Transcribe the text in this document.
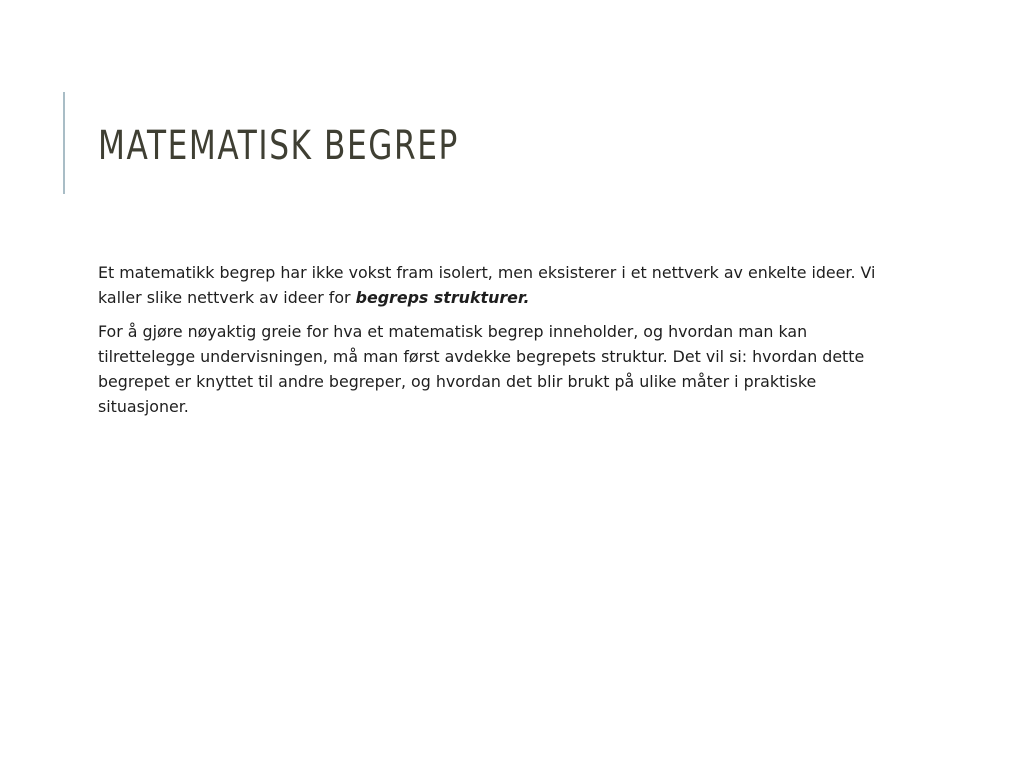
MATEMATISK BEGREP

Et matematikk begrep har ikke vokst fram isolert, men eksisterer i et nettverk av enkelte ideer. Vi kaller slike nettverk av ideer for begreps strukturer.

For å gjøre nøyaktig greie for hva et matematisk begrep inneholder, og hvordan man kan tilrettelegge undervisningen, må man først avdekke begrepets struktur. Det vil si: hvordan dette begrepet er knyttet til andre begreper, og hvordan det blir brukt på ulike måter i praktiske situasjoner.
